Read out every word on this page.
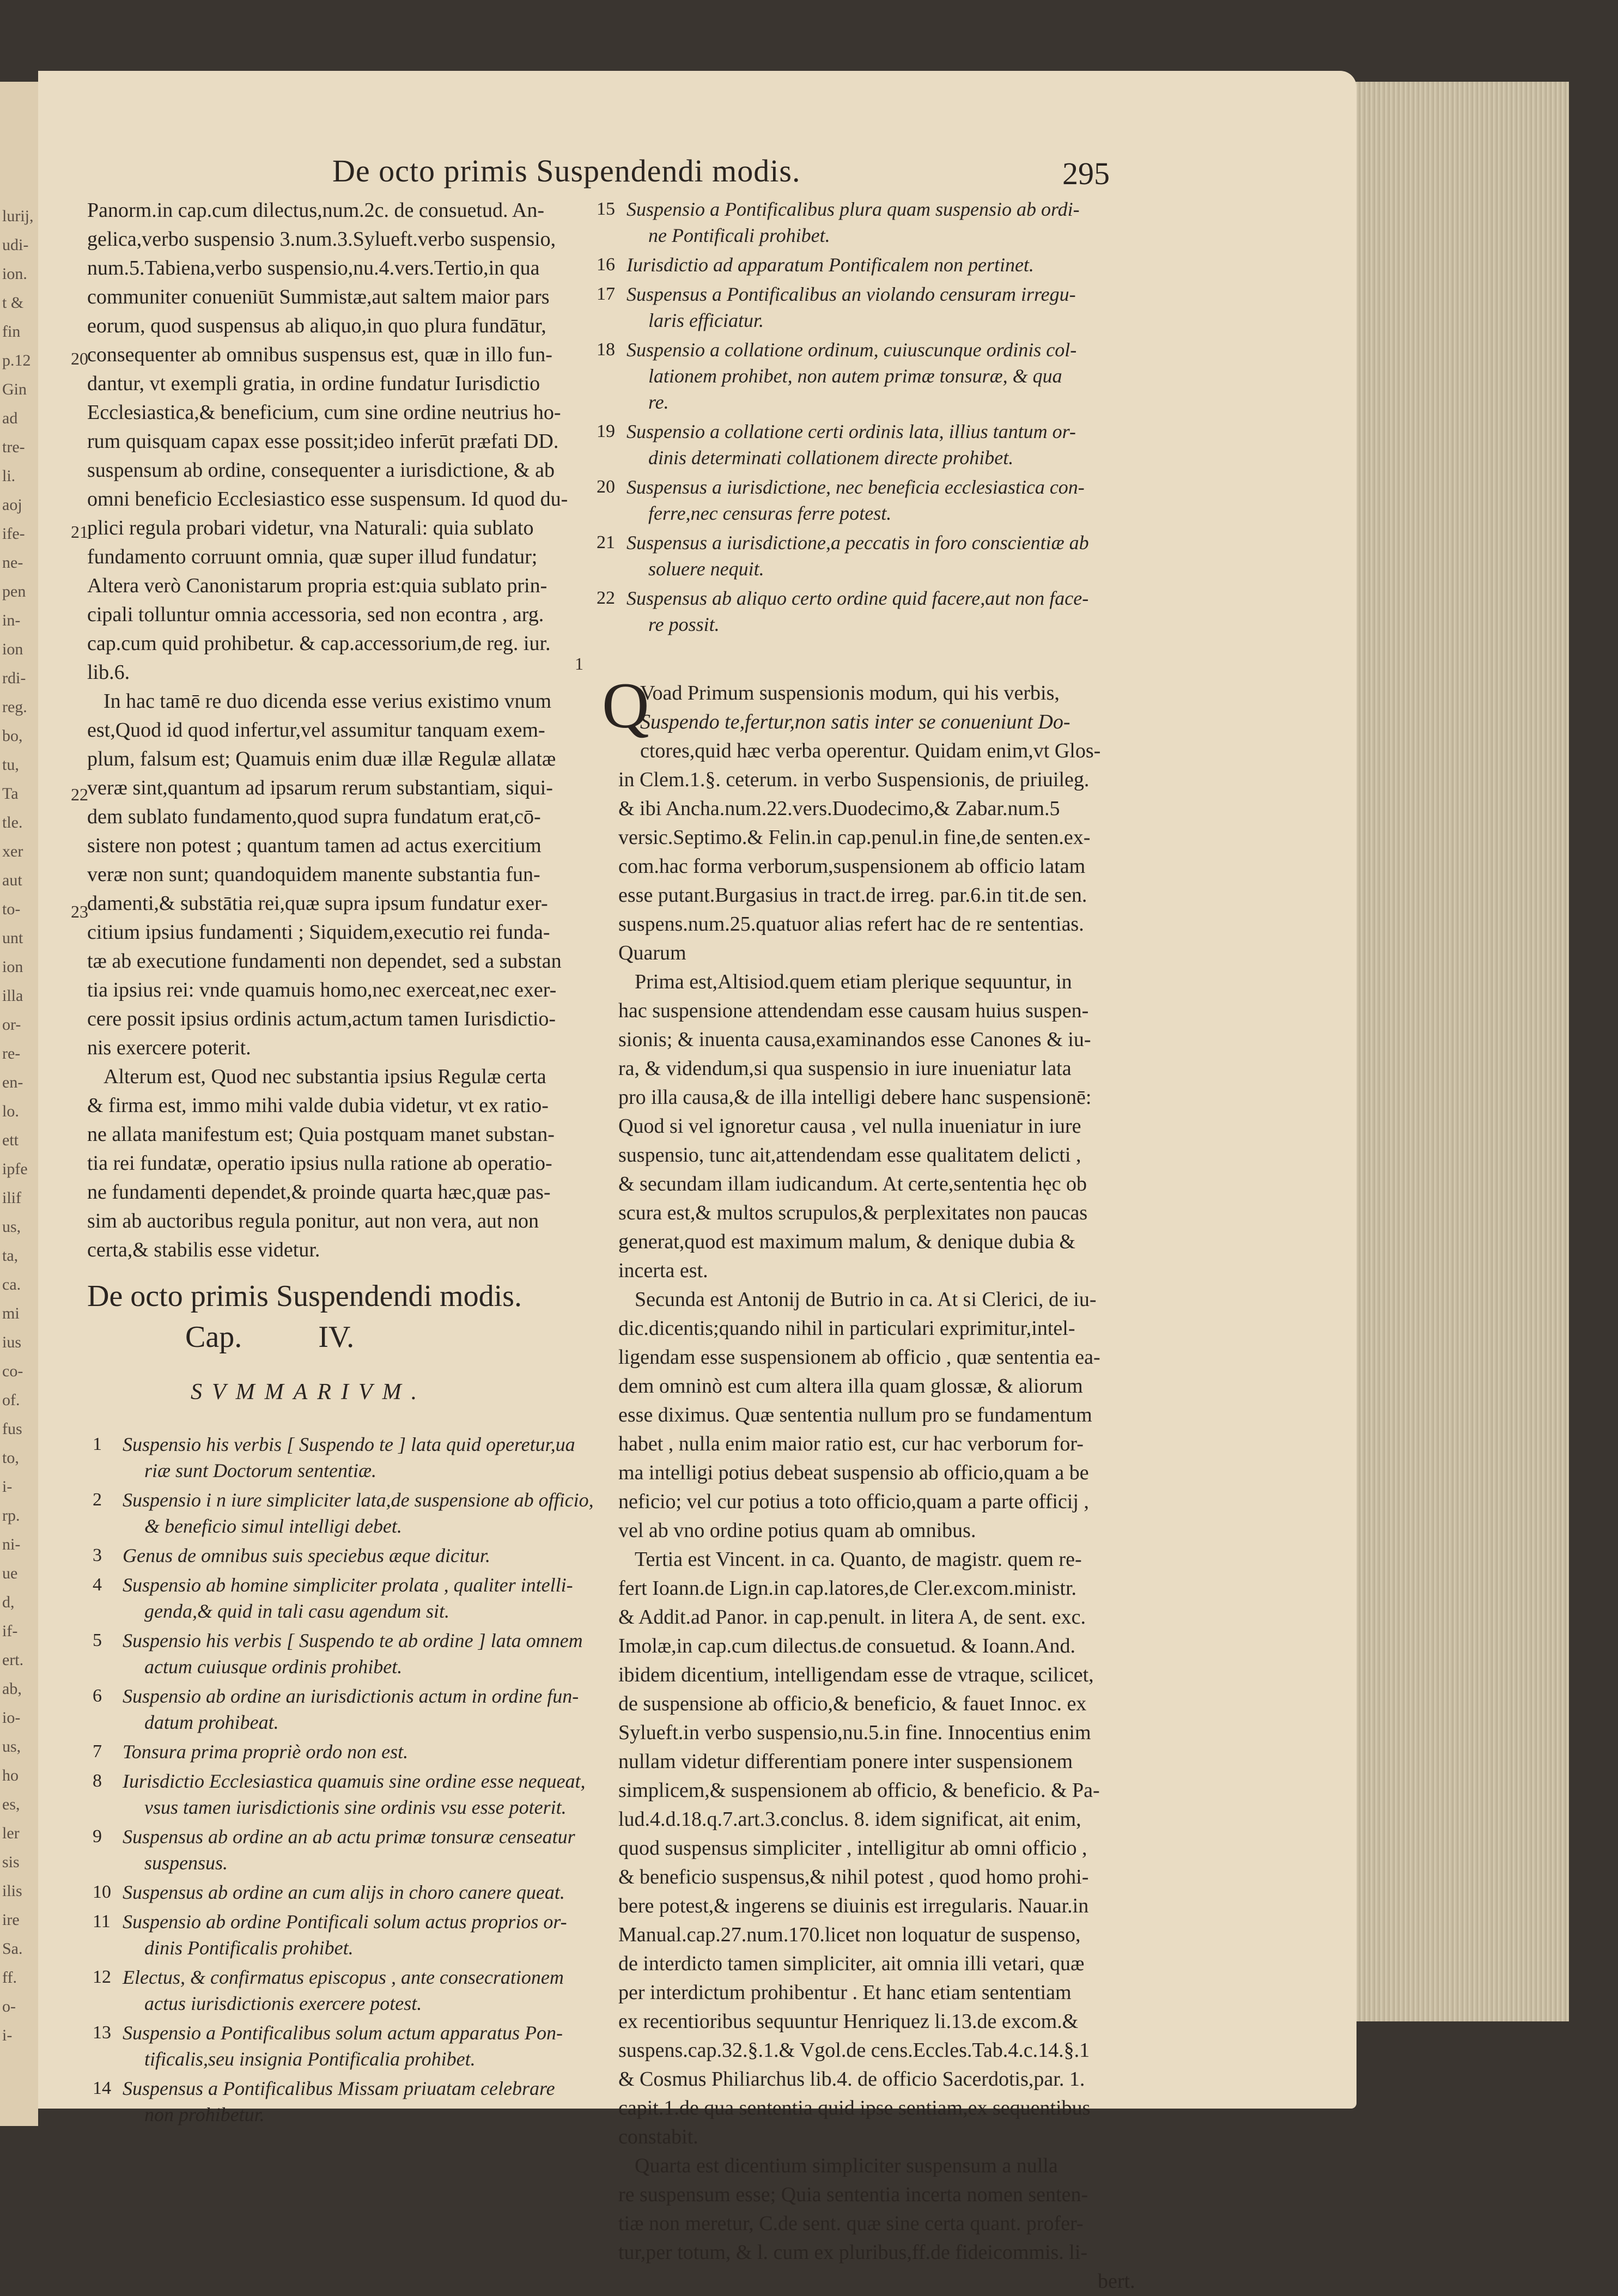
lurij,
udi-
ion.
t &
fin
p.12
Gin
ad
tre-
li.
aoj
ife-
ne-
pen
in-
ion
rdi-
reg.
bo,
tu,
Ta
tle.
xer
aut
to-
unt
ion
illa
or-
re-
en-
lo.
ett
ipfe
ilif
us,
ta,
ca.
mi
ius
co-
of.
fus
to,
i-
rp.
ni-
ue
d,
if-
ert.
ab,
io-
us,
ho
es,
ler
sis
ilis
ire
Sa.
ff.
o-
i-
De octo primis Suspendendi modis.	295
20
21
22
23
1
Panorm.in cap.cum dilectus,num.2c. de consuetud. An-
gelica,verbo suspensio 3.num.3.Sylueft.verbo suspensio,
num.5.Tabiena,verbo suspensio,nu.4.vers.Tertio,in qua
communiter conueniūt Summistæ,aut saltem maior pars
eorum, quod suspensus ab aliquo,in quo plura fundātur,
consequenter ab omnibus suspensus est, quæ in illo fun-
dantur, vt exempli gratia, in ordine fundatur Iurisdictio
Ecclesiastica,& beneficium, cum sine ordine neutrius ho-
rum quisquam capax esse possit;ideo inferūt præfati DD.
suspensum ab ordine, consequenter a iurisdictione, & ab
omni beneficio Ecclesiastico esse suspensum. Id quod du-
plici regula probari videtur, vna Naturali: quia sublato
fundamento corruunt omnia, quæ super illud fundatur;
Altera verò Canonistarum propria est:quia sublato prin-
cipali tolluntur omnia accessoria, sed non econtra , arg.
cap.cum quid prohibetur. & cap.accessorium,de reg. iur.
lib.6.
In hac tamē re duo dicenda esse verius existimo vnum
est,Quod id quod infertur,vel assumitur tanquam exem-
plum, falsum est; Quamuis enim duæ illæ Regulæ allatæ
veræ sint,quantum ad ipsarum rerum substantiam, siqui-
dem sublato fundamento,quod supra fundatum erat,cō-
sistere non potest ; quantum tamen ad actus exercitium
veræ non sunt; quandoquidem manente substantia fun-
damenti,& substātia rei,quæ supra ipsum fundatur exer-
citium ipsius fundamenti ; Siquidem,executio rei funda-
tæ ab executione fundamenti non dependet, sed a substan
tia ipsius rei: vnde quamuis homo,nec exerceat,nec exer-
cere possit ipsius ordinis actum,actum tamen Iurisdictio-
nis exercere poterit.
Alterum est, Quod nec substantia ipsius Regulæ certa
& firma est, immo mihi valde dubia videtur, vt ex ratio-
ne allata manifestum est; Quia postquam manet substan-
tia rei fundatæ, operatio ipsius nulla ratione ab operatio-
ne fundamenti dependet,& proinde quarta hæc,quæ pas-
sim ab auctoribus regula ponitur, aut non vera, aut non
certa,& stabilis esse videtur.
De octo primis Suspendendi modis.
Cap.          IV.
SVMMARIVM.
1 Suspensio his verbis [ Suspendo te ] lata quid operetur,ua
riæ sunt Doctorum sententiæ.
2 Suspensio i n iure simpliciter lata,de suspensione ab officio,
& beneficio simul intelligi debet.
3 Genus de omnibus suis speciebus æque dicitur.
4 Suspensio ab homine simpliciter prolata , qualiter intelli-
genda,& quid in tali casu agendum sit.
5 Suspensio his verbis [ Suspendo te ab ordine ] lata omnem
actum cuiusque ordinis prohibet.
6 Suspensio ab ordine an iurisdictionis actum in ordine fun-
datum prohibeat.
7 Tonsura prima propriè ordo non est.
8 Iurisdictio Ecclesiastica quamuis sine ordine esse nequeat,
vsus tamen iurisdictionis sine ordinis vsu esse poterit.
9 Suspensus ab ordine an ab actu primæ tonsuræ censeatur
suspensus.
10 Suspensus ab ordine an cum alijs in choro canere queat.
11 Suspensio ab ordine Pontificali solum actus proprios or-
dinis Pontificalis prohibet.
12 Electus, & confirmatus episcopus , ante consecrationem
actus iurisdictionis exercere potest.
13 Suspensio a Pontificalibus solum actum apparatus Pon-
tificalis,seu insignia Pontificalia prohibet.
14 Suspensus a Pontificalibus Missam priuatam celebrare
non prohibetur.
15 Suspensio a Pontificalibus plura quam suspensio ab ordi-
ne Pontificali prohibet.
16 Iurisdictio ad apparatum Pontificalem non pertinet.
17 Suspensus a Pontificalibus an violando censuram irregu-
laris efficiatur.
18 Suspensio a collatione ordinum, cuiuscunque ordinis col-
lationem prohibet, non autem primæ tonsuræ, & qua
re.
19 Suspensio a collatione certi ordinis lata, illius tantum or-
dinis determinati collationem directe prohibet.
20 Suspensus a iurisdictione, nec beneficia ecclesiastica con-
ferre,nec censuras ferre potest.
21 Suspensus a iurisdictione,a peccatis in foro conscientiæ ab
soluere nequit.
22 Suspensus ab aliquo certo ordine quid facere,aut non face-
re possit.
Q
Voad Primum suspensionis modum, qui his verbis,
Suspendo te,fertur,non satis inter se conueniunt Do-
ctores,quid hæc verba operentur. Quidam enim,vt Glos-
in Clem.1.§. ceterum. in verbo Suspensionis, de priuileg.
& ibi Ancha.num.22.vers.Duodecimo,& Zabar.num.5
versic.Septimo.& Felin.in cap.penul.in fine,de senten.ex-
com.hac forma verborum,suspensionem ab officio latam
esse putant.Burgasius in tract.de irreg. par.6.in tit.de sen.
suspens.num.25.quatuor alias refert hac de re sententias.
Quarum
Prima est,Altisiod.quem etiam plerique sequuntur, in
hac suspensione attendendam esse causam huius suspen-
sionis; & inuenta causa,examinandos esse Canones & iu-
ra, & videndum,si qua suspensio in iure inueniatur lata
pro illa causa,& de illa intelligi debere hanc suspensionē:
Quod si vel ignoretur causa , vel nulla inueniatur in iure
suspensio, tunc ait,attendendam esse qualitatem delicti ,
& secundam illam iudicandum. At certe,sententia hęc ob
scura est,& multos scrupulos,& perplexitates non paucas
generat,quod est maximum malum, & denique dubia &
incerta est.
Secunda est Antonij de Butrio in ca. At si Clerici, de iu-
dic.dicentis;quando nihil in particulari exprimitur,intel-
ligendam esse suspensionem ab officio , quæ sententia ea-
dem omninò est cum altera illa quam glossæ, & aliorum
esse diximus. Quæ sententia nullum pro se fundamentum
habet , nulla enim maior ratio est, cur hac verborum for-
ma intelligi potius debeat suspensio ab officio,quam a be
neficio; vel cur potius a toto officio,quam a parte officij ,
vel ab vno ordine potius quam ab omnibus.
Tertia est Vincent. in ca. Quanto, de magistr. quem re-
fert Ioann.de Lign.in cap.latores,de Cler.excom.ministr.
& Addit.ad Panor. in cap.penult. in litera A, de sent. exc.
Imolæ,in cap.cum dilectus.de consuetud. & Ioann.And.
ibidem dicentium, intelligendam esse de vtraque, scilicet,
de suspensione ab officio,& beneficio, & fauet Innoc. ex
Sylueft.in verbo suspensio,nu.5.in fine. Innocentius enim
nullam videtur differentiam ponere inter suspensionem
simplicem,& suspensionem ab officio, & beneficio. & Pa-
lud.4.d.18.q.7.art.3.conclus. 8. idem significat, ait enim,
quod suspensus simpliciter , intelligitur ab omni officio ,
& beneficio suspensus,& nihil potest , quod homo prohi-
bere potest,& ingerens se diuinis est irregularis. Nauar.in
Manual.cap.27.num.170.licet non loquatur de suspenso,
de interdicto tamen simpliciter, ait omnia illi vetari, quæ
per interdictum prohibentur . Et hanc etiam sententiam
ex recentioribus sequuntur Henriquez li.13.de excom.&
suspens.cap.32.§.1.& Vgol.de cens.Eccles.Tab.4.c.14.§.1
& Cosmus Philiarchus lib.4. de officio Sacerdotis,par. 1.
capit.1.de qua sententia quid ipse sentiam,ex sequentibus
constabit.
Quarta est dicentium simpliciter suspensum a nulla
re suspensum esse; Quia sententia incerta nomen senten-
tiæ non meretur, C.de sent. quæ sine certa quant. profer-
tur,per totum, & l. cum ex pluribus,ff.de fideicommis. li-
bert.
